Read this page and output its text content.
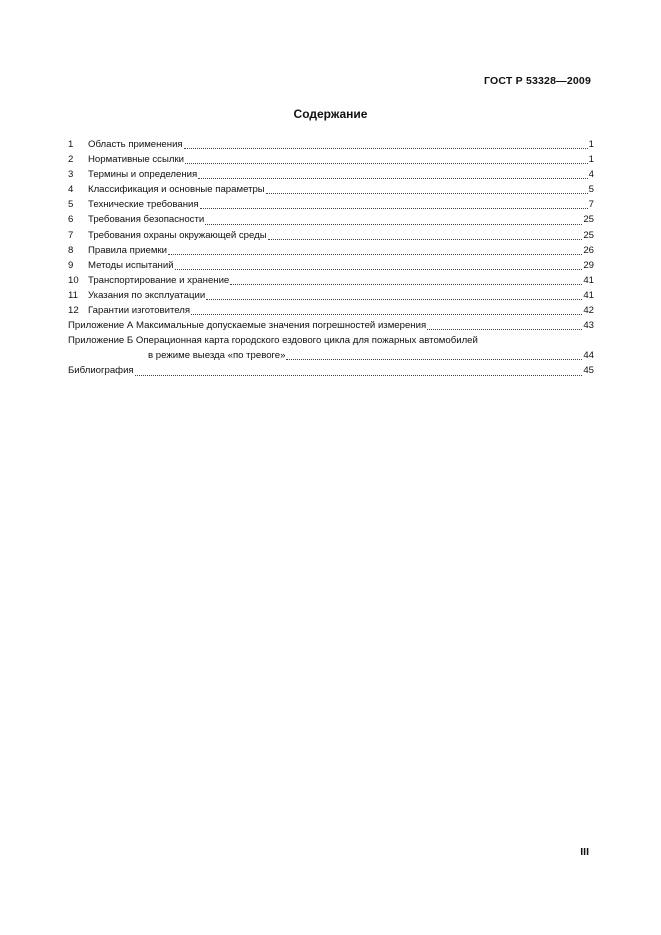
ГОСТ Р 53328—2009
Содержание
1	Область применения	1
2	Нормативные ссылки	1
3	Термины и определения	4
4	Классификация и основные параметры	5
5	Технические требования	7
6	Требования безопасности	25
7	Требования охраны окружающей среды	25
8	Правила приемки	26
9	Методы испытаний	29
10 Транспортирование и хранение	41
11	Указания по эксплуатации	41
12 Гарантии изготовителя	42
Приложение А Максимальные допускаемые значения погрешностей измерения	43
Приложение Б Операционная карта городского ездового цикла для пожарных автомобилей
в режиме выезда «по тревоге»	44
Библиография	45
III
